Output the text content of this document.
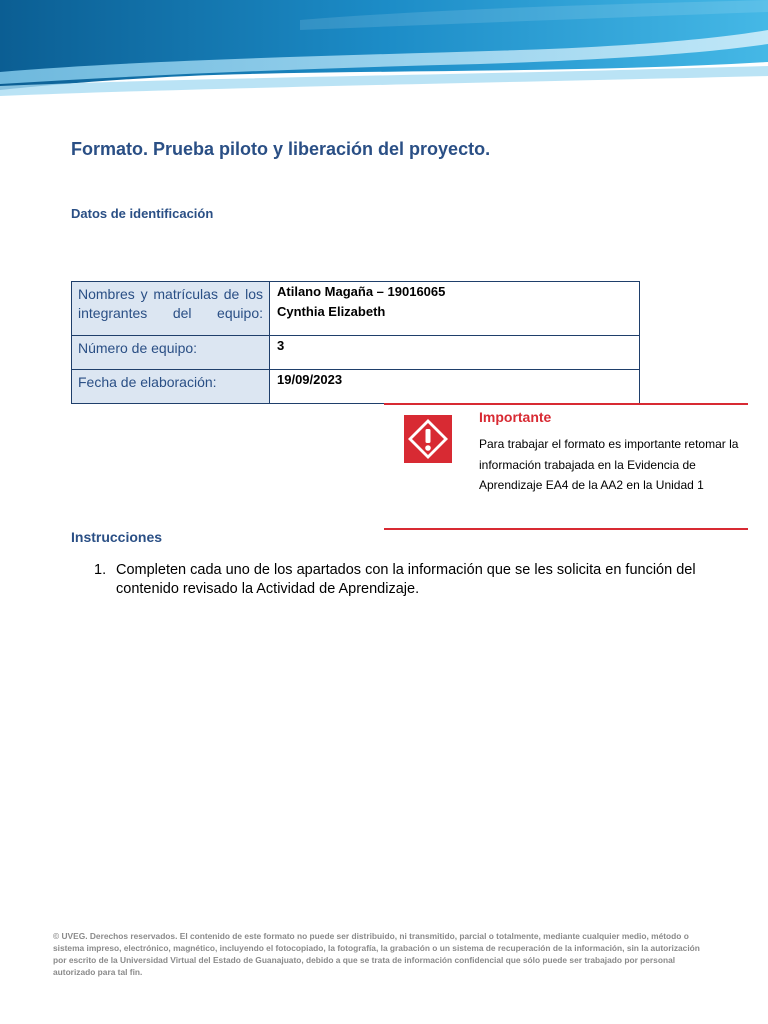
Formato. Prueba piloto y liberación del proyecto.
Datos de identificación
Nombres y matrículas de los integrantes del equipo:	Atilano Magaña – 19016065
Cynthia Elizabeth

Número de equipo:	3
Fecha de elaboración:	19/09/2023
Importante
Para trabajar el formato es importante retomar la información trabajada en la Evidencia de Aprendizaje EA4 de la AA2 en la Unidad 1
Instrucciones
1. Completen cada uno de los apartados con la información que se les solicita en función del contenido revisado la Actividad de Aprendizaje.
© UVEG. Derechos reservados. El contenido de este formato no puede ser distribuido, ni transmitido, parcial o totalmente, mediante cualquier medio, método o sistema impreso, electrónico, magnético, incluyendo el fotocopiado, la fotografía, la grabación o un sistema de recuperación de la información, sin la autorización por escrito de la Universidad Virtual del Estado de Guanajuato, debido a que se trata de información confidencial que sólo puede ser trabajado por personal autorizado para tal fin.
